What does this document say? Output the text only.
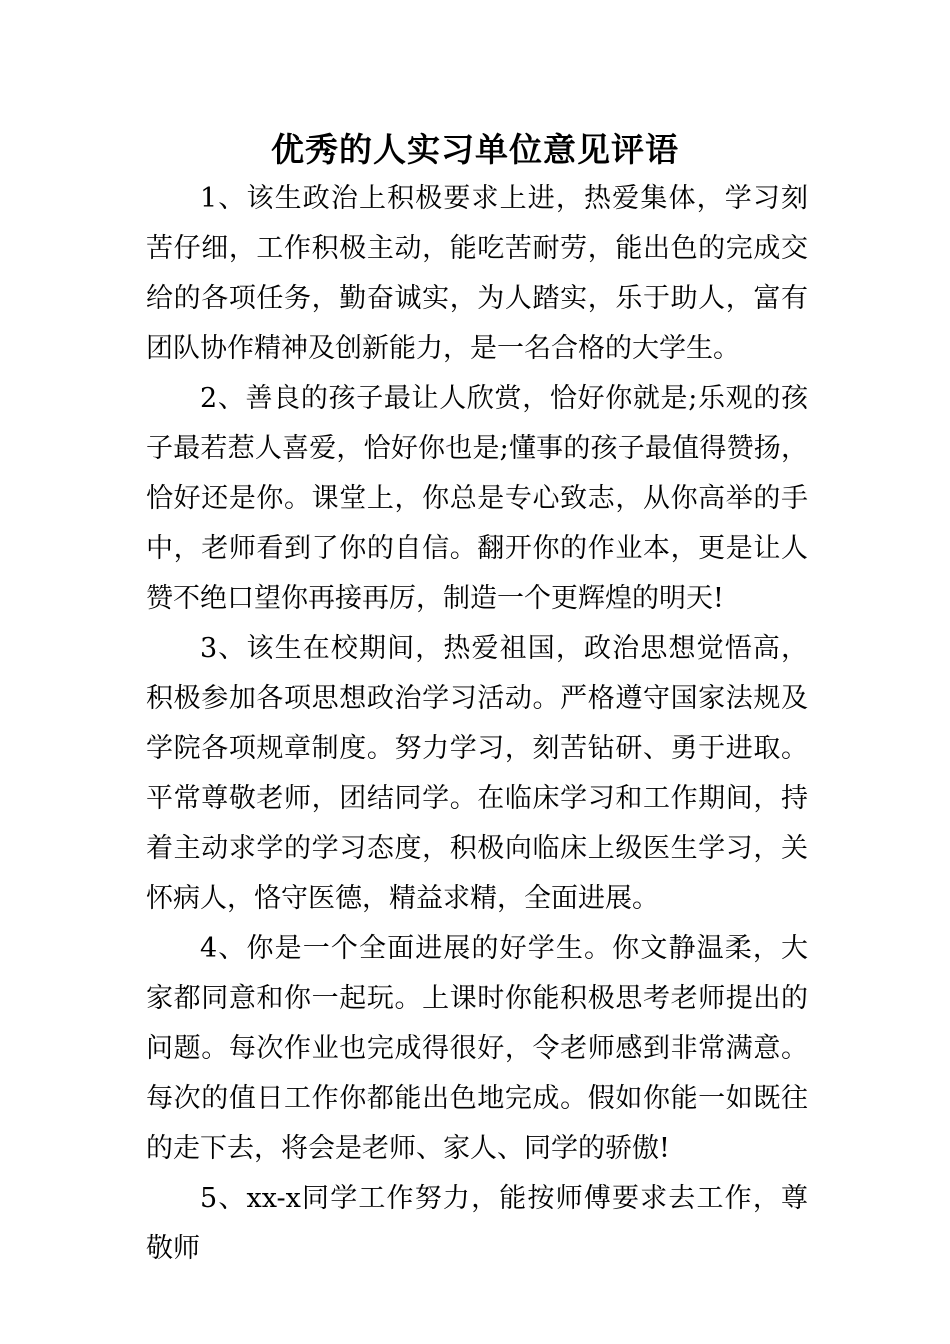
优秀的人实习单位意见评语

1、该生政治上积极要求上进，热爱集体，学习刻苦仔细，工作积极主动，能吃苦耐劳，能出色的完成交给的各项任务，勤奋诚实，为人踏实，乐于助人，富有团队协作精神及创新能力，是一名合格的大学生。

2、善良的孩子最让人欣赏，恰好你就是;乐观的孩子最若惹人喜爱，恰好你也是;懂事的孩子最值得赞扬，恰好还是你。课堂上，你总是专心致志，从你高举的手中，老师看到了你的自信。翻开你的作业本，更是让人赞不绝口望你再接再厉，制造一个更辉煌的明天!

3、该生在校期间，热爱祖国，政治思想觉悟高，积极参加各项思想政治学习活动。严格遵守国家法规及学院各项规章制度。努力学习，刻苦钻研、勇于进取。平常尊敬老师，团结同学。在临床学习和工作期间，持着主动求学的学习态度，积极向临床上级医生学习，关怀病人，恪守医德，精益求精，全面进展。

4、你是一个全面进展的好学生。你文静温柔，大家都同意和你一起玩。上课时你能积极思考老师提出的问题。每次作业也完成得很好，令老师感到非常满意。每次的值日工作你都能出色地完成。假如你能一如既往的走下去，将会是老师、家人、同学的骄傲!

5、xx-x同学工作努力，能按师傅要求去工作，尊敬师
